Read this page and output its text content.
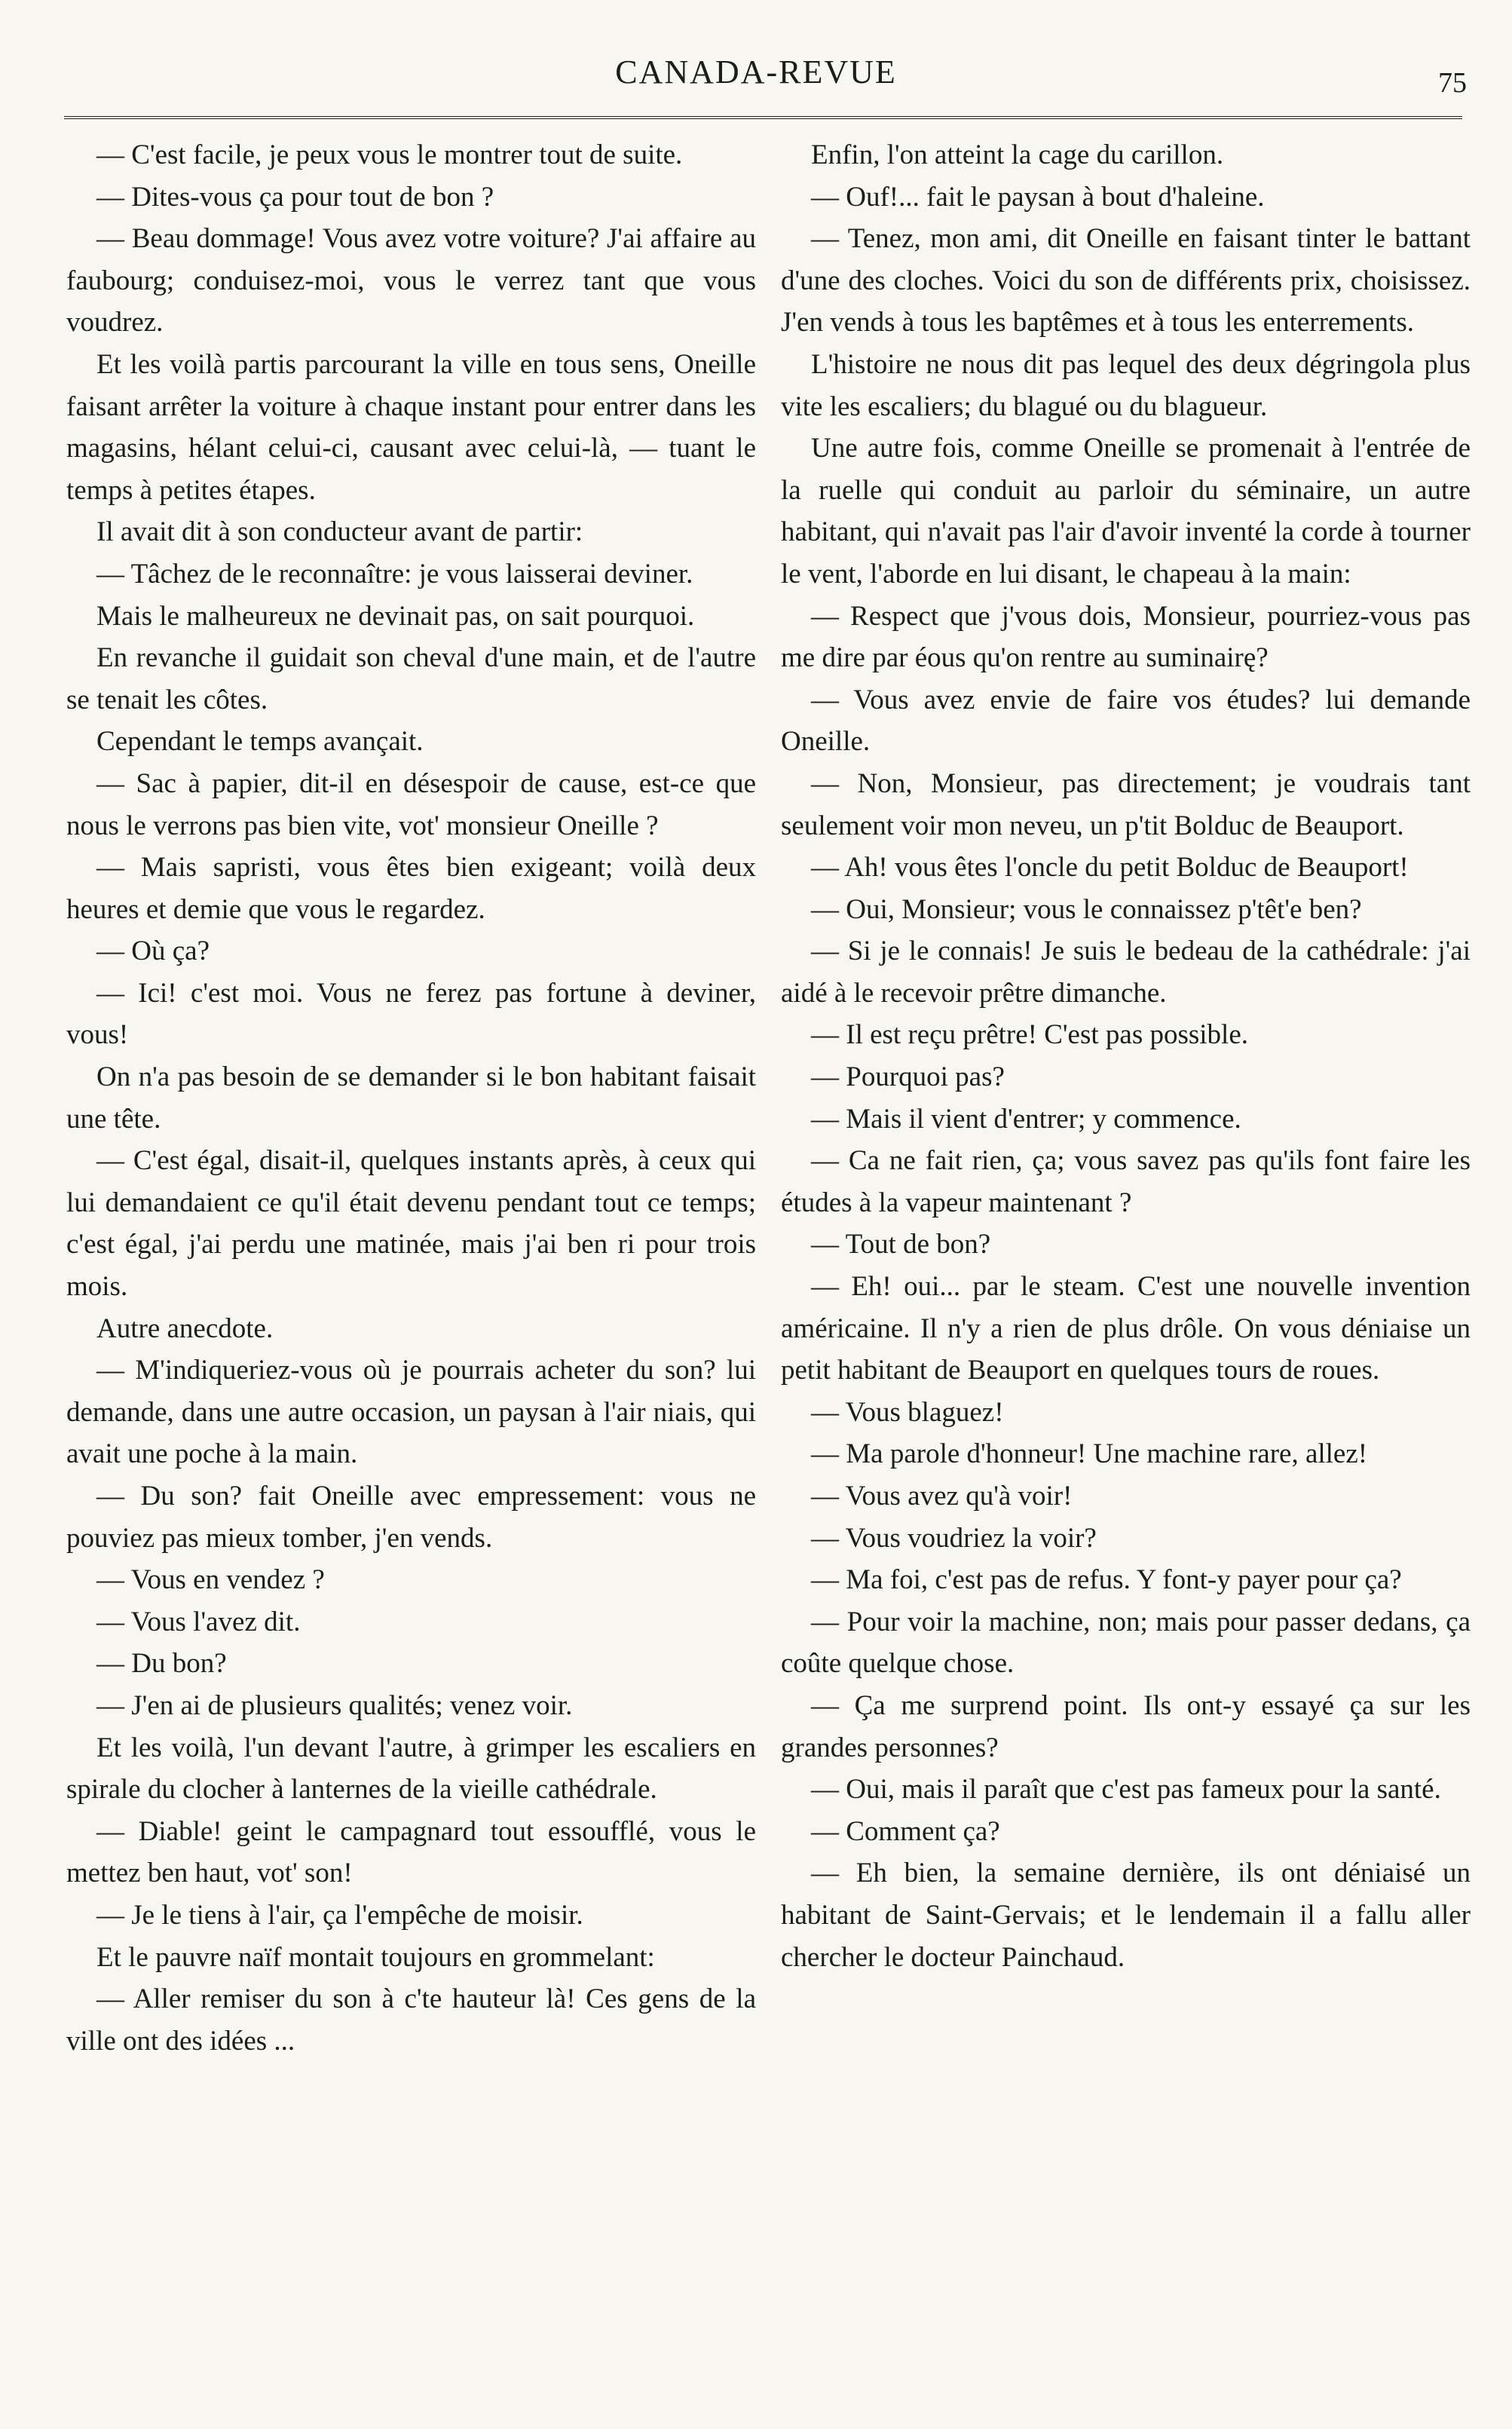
CANADA-REVUE	75

— C'est facile, je peux vous le montrer tout de suite.

— Dites-vous ça pour tout de bon ?

— Beau dommage! Vous avez votre voiture? J'ai affaire au faubourg; conduisez-moi, vous le verrez tant que vous voudrez.

Et les voilà partis parcourant la ville en tous sens, Oneille faisant arrêter la voiture à chaque instant pour entrer dans les magasins, hélant celui-ci, causant avec celui-là, — tuant le temps à petites étapes.

Il avait dit à son conducteur avant de partir:

— Tâchez de le reconnaître: je vous laisserai deviner.

Mais le malheureux ne devinait pas, on sait pourquoi.

En revanche il guidait son cheval d'une main, et de l'autre se tenait les côtes.

Cependant le temps avançait.

— Sac à papier, dit-il en désespoir de cause, est-ce que nous le verrons pas bien vite, vot' monsieur Oneille ?

— Mais sapristi, vous êtes bien exigeant; voilà deux heures et demie que vous le regardez.

— Où ça?

— Ici! c'est moi. Vous ne ferez pas fortune à deviner, vous!

On n'a pas besoin de se demander si le bon habitant faisait une tête.

— C'est égal, disait-il, quelques instants après, à ceux qui lui demandaient ce qu'il était devenu pendant tout ce temps; c'est égal, j'ai perdu une matinée, mais j'ai ben ri pour trois mois.

Autre anecdote.

— M'indiqueriez-vous où je pourrais acheter du son? lui demande, dans une autre occasion, un paysan à l'air niais, qui avait une poche à la main.

— Du son? fait Oneille avec empressement: vous ne pouviez pas mieux tomber, j'en vends.

— Vous en vendez ?

— Vous l'avez dit.

— Du bon?

— J'en ai de plusieurs qualités; venez voir.

Et les voilà, l'un devant l'autre, à grimper les escaliers en spirale du clocher à lanternes de la vieille cathédrale.

— Diable! geint le campagnard tout essoufflé, vous le mettez ben haut, vot' son!

— Je le tiens à l'air, ça l'empêche de moisir.

Et le pauvre naïf montait toujours en grommelant:

— Aller remiser du son à c'te hauteur là! Ces gens de la ville ont des idées ...

Enfin, l'on atteint la cage du carillon.

— Ouf!... fait le paysan à bout d'haleine.

— Tenez, mon ami, dit Oneille en faisant tinter le battant d'une des cloches. Voici du son de différents prix, choisissez. J'en vends à tous les baptêmes et à tous les enterrements.

L'histoire ne nous dit pas lequel des deux dégringola plus vite les escaliers; du blagué ou du blagueur.

Une autre fois, comme Oneille se promenait à l'entrée de la ruelle qui conduit au parloir du séminaire, un autre habitant, qui n'avait pas l'air d'avoir inventé la corde à tourner le vent, l'aborde en lui disant, le chapeau à la main:

— Respect que j'vous dois, Monsieur, pourriez-vous pas me dire par éous qu'on rentre au suminairę?

— Vous avez envie de faire vos études? lui demande Oneille.

— Non, Monsieur, pas directement; je voudrais tant seulement voir mon neveu, un p'tit Bolduc de Beauport.

— Ah! vous êtes l'oncle du petit Bolduc de Beauport!

— Oui, Monsieur; vous le connaissez p'têt'e ben?

— Si je le connais! Je suis le bedeau de la cathédrale: j'ai aidé à le recevoir prêtre dimanche.

— Il est reçu prêtre! C'est pas possible.

— Pourquoi pas?

— Mais il vient d'entrer; y commence.

— Ca ne fait rien, ça; vous savez pas qu'ils font faire les études à la vapeur maintenant ?

— Tout de bon?

— Eh! oui... par le steam. C'est une nouvelle invention américaine. Il n'y a rien de plus drôle. On vous déniaise un petit habitant de Beauport en quelques tours de roues.

— Vous blaguez!

— Ma parole d'honneur! Une machine rare, allez!

— Vous avez qu'à voir!

— Vous voudriez la voir?

— Ma foi, c'est pas de refus. Y font-y payer pour ça?

— Pour voir la machine, non; mais pour passer dedans, ça coûte quelque chose.

— Ça me surprend point. Ils ont-y essayé ça sur les grandes personnes?

— Oui, mais il paraît que c'est pas fameux pour la santé.

— Comment ça?

— Eh bien, la semaine dernière, ils ont déniaisé un habitant de Saint-Gervais; et le lendemain il a fallu aller chercher le docteur Painchaud.
